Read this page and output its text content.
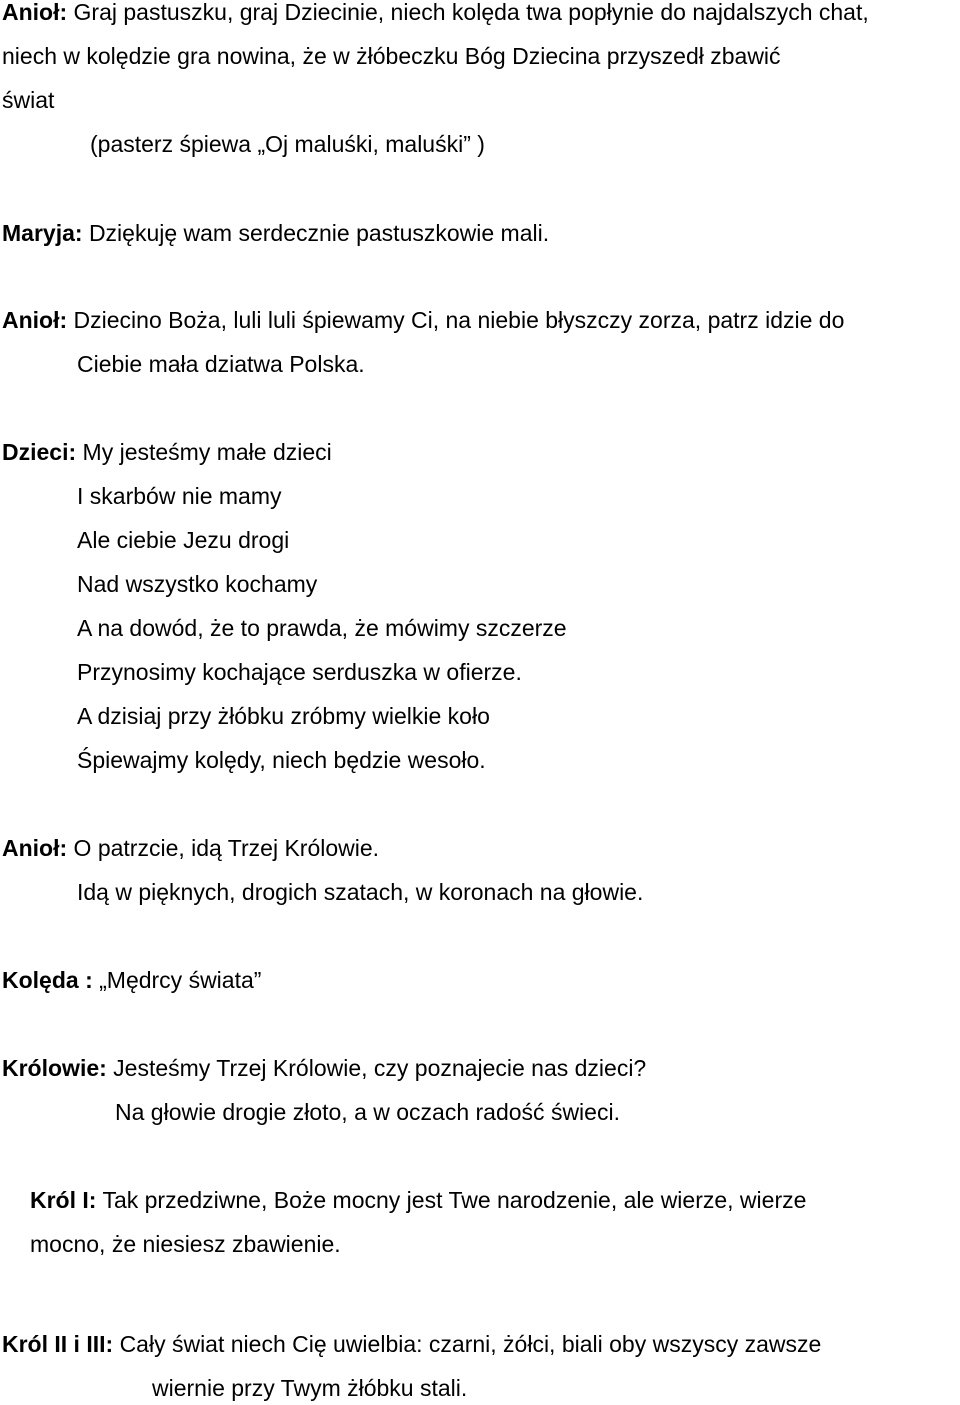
Anioł: Graj pastuszku, graj Dziecinie, niech kolęda twa popłynie do najdalszych chat,
niech w kolędzie gra nowina, że w żłóbeczku Bóg Dziecina przyszedł zbawić
świat
(pasterz śpiewa „Oj maluśki, maluśki” )
Maryja: Dziękuję wam serdecznie pastuszkowie mali.
Anioł: Dziecino Boża, luli luli śpiewamy Ci, na niebie błyszczy zorza, patrz idzie do
Ciebie mała dziatwa Polska.
Dzieci: My jesteśmy małe dzieci
I skarbów nie mamy
Ale ciebie Jezu drogi
Nad wszystko kochamy
A na dowód, że to prawda, że mówimy szczerze
Przynosimy kochające serduszka w ofierze.
A dzisiaj przy żłóbku zróbmy wielkie koło
Śpiewajmy kolędy, niech będzie wesoło.
Anioł: O patrzcie, idą Trzej Królowie.
Idą w pięknych, drogich szatach, w koronach na głowie.
Kolęda : „Mędrcy świata”
Królowie: Jesteśmy Trzej Królowie, czy poznajecie nas dzieci?
Na głowie drogie złoto, a w oczach radość świeci.
Król I: Tak przedziwne, Boże mocny jest Twe narodzenie, ale wierze, wierze
mocno, że niesiesz zbawienie.
Król II i III: Cały świat niech Cię uwielbia: czarni, żółci, biali oby wszyscy zawsze
wiernie przy Twym żłóbku stali.
